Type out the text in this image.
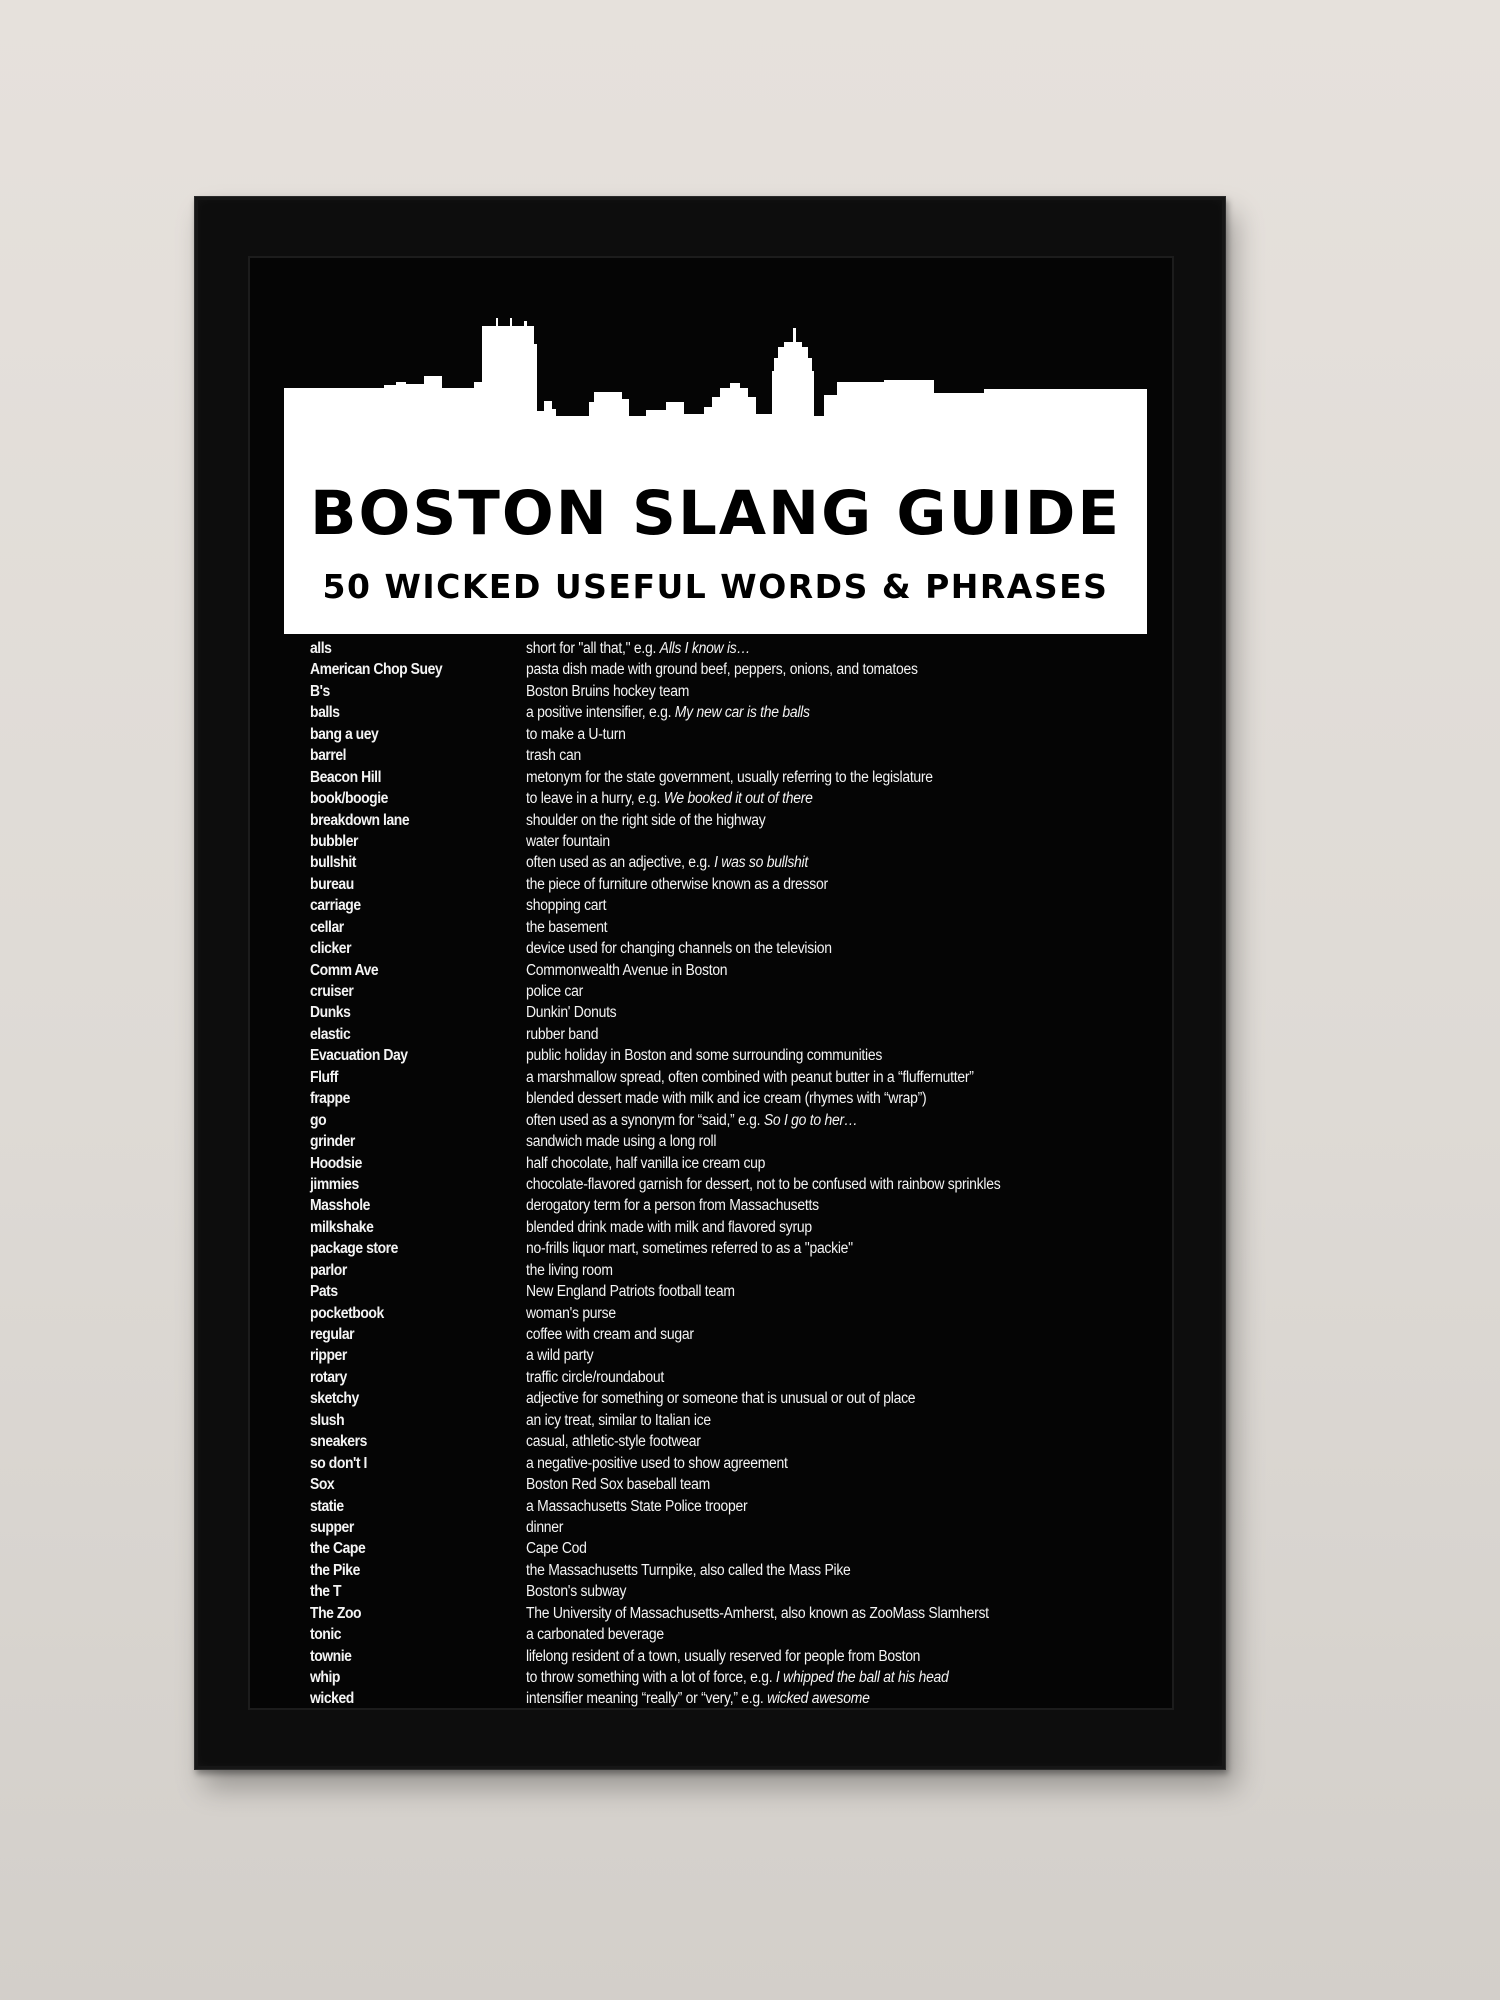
BOSTON SLANG GUIDE
50 WICKED USEFUL WORDS & PHRASES
alls	short for "all that," e.g. Alls I know is…
American Chop Suey	pasta dish made with ground beef, peppers, onions, and tomatoes
B's	Boston Bruins hockey team
balls	a positive intensifier, e.g. My new car is the balls
bang a uey	to make a U-turn
barrel	trash can
Beacon Hill	metonym for the state government, usually referring to the legislature
book/boogie	to leave in a hurry, e.g. We booked it out of there
breakdown lane	shoulder on the right side of the highway
bubbler	water fountain
bullshit	often used as an adjective, e.g. I was so bullshit
bureau	the piece of furniture otherwise known as a dressor
carriage	shopping cart
cellar	the basement
clicker	device used for changing channels on the television
Comm Ave	Commonwealth Avenue in Boston
cruiser	police car
Dunks	Dunkin' Donuts
elastic	rubber band
Evacuation Day	public holiday in Boston and some surrounding communities
Fluff	a marshmallow spread, often combined with peanut butter in a “fluffernutter”
frappe	blended dessert made with milk and ice cream (rhymes with “wrap”)
go	often used as a synonym for “said,” e.g. So I go to her…
grinder	sandwich made using a long roll
Hoodsie	half chocolate, half vanilla ice cream cup
jimmies	chocolate-flavored garnish for dessert, not to be confused with rainbow sprinkles
Masshole	derogatory term for a person from Massachusetts
milkshake	blended drink made with milk and flavored syrup
package store	no-frills liquor mart, sometimes referred to as a "packie"
parlor	the living room
Pats	New England Patriots football team
pocketbook	woman's purse
regular	coffee with cream and sugar
ripper	a wild party
rotary	traffic circle/roundabout
sketchy	adjective for something or someone that is unusual or out of place
slush	an icy treat, similar to Italian ice
sneakers	casual, athletic-style footwear
so don't I	a negative-positive used to show agreement
Sox	Boston Red Sox baseball team
statie	a Massachusetts State Police trooper
supper	dinner
the Cape	Cape Cod
the Pike	the Massachusetts Turnpike, also called the Mass Pike
the T	Boston's subway
The Zoo	The University of Massachusetts-Amherst, also known as ZooMass Slamherst
tonic	a carbonated beverage
townie	lifelong resident of a town, usually reserved for people from Boston
whip	to throw something with a lot of force, e.g. I whipped the ball at his head
wicked	intensifier meaning “really” or “very,” e.g. wicked awesome
